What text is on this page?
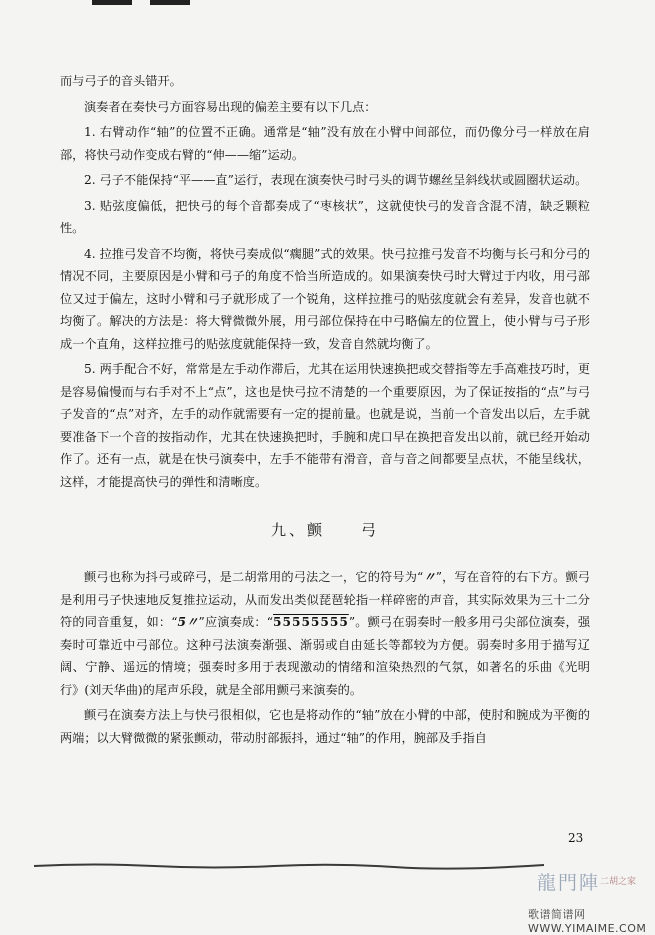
而与弓子的音头错开。

演奏者在奏快弓方面容易出现的偏差主要有以下几点：

1. 右臂动作“轴”的位置不正确。通常是“轴”没有放在小臂中间部位，而仍像分弓一样放在肩部，将快弓动作变成右臂的“伸——缩”运动。

2. 弓子不能保持“平——直”运行，表现在演奏快弓时弓头的调节螺丝呈斜线状或圆圈状运动。

3. 贴弦度偏低，把快弓的每个音都奏成了“枣核状”，这就使快弓的发音含混不清，缺乏颗粒性。

4. 拉推弓发音不均衡，将快弓奏成似“瘸腿”式的效果。快弓拉推弓发音不均衡与长弓和分弓的情况不同，主要原因是小臂和弓子的角度不恰当所造成的。如果演奏快弓时大臂过于内收，用弓部位又过于偏左，这时小臂和弓子就形成了一个锐角，这样拉推弓的贴弦度就会有差异，发音也就不均衡了。解决的方法是：将大臂微微外展，用弓部位保持在中弓略偏左的位置上，使小臂与弓子形成一个直角，这样拉推弓的贴弦度就能保持一致，发音自然就均衡了。

5. 两手配合不好，常常是左手动作滞后，尤其在运用快速换把或交替指等左手高难技巧时，更是容易偏慢而与右手对不上“点”，这也是快弓拉不清楚的一个重要原因，为了保证按指的“点”与弓子发音的“点”对齐，左手的动作就需要有一定的提前量。也就是说，当前一个音发出以后，左手就要准备下一个音的按指动作，尤其在快速换把时，手腕和虎口早在换把音发出以前，就已经开始动作了。还有一点，就是在快弓演奏中，左手不能带有滑音，音与音之间都要呈点状，不能呈线状，这样，才能提高快弓的弹性和清晰度。

九、颤　　弓

颤弓也称为抖弓或碎弓，是二胡常用的弓法之一，它的符号为“〃”，写在音符的右下方。颤弓是利用弓子快速地反复推拉运动，从而发出类似琵琶轮指一样碎密的声音，其实际效果为三十二分符的同音重复，如：“5〃”应演奏成：“55555555”。颤弓在弱奏时一般多用弓尖部位演奏，强奏时可靠近中弓部位。这种弓法演奏渐强、渐弱或自由延长等都较为方便。弱奏时多用于描写辽阔、宁静、遥远的情境；强奏时多用于表现激动的情绪和渲染热烈的气氛，如著名的乐曲《光明行》(刘天华曲)的尾声乐段，就是全部用颤弓来演奏的。

颤弓在演奏方法上与快弓很相似，它也是将动作的“轴”放在小臂的中部，使肘和腕成为平衡的两端；以大臂微微的紧张颤动，带动肘部振抖，通过“轴”的作用，腕部及手指自

23
龍門陣 二胡之家
歌谱简谱网 WWW.YIMAIME.COM
